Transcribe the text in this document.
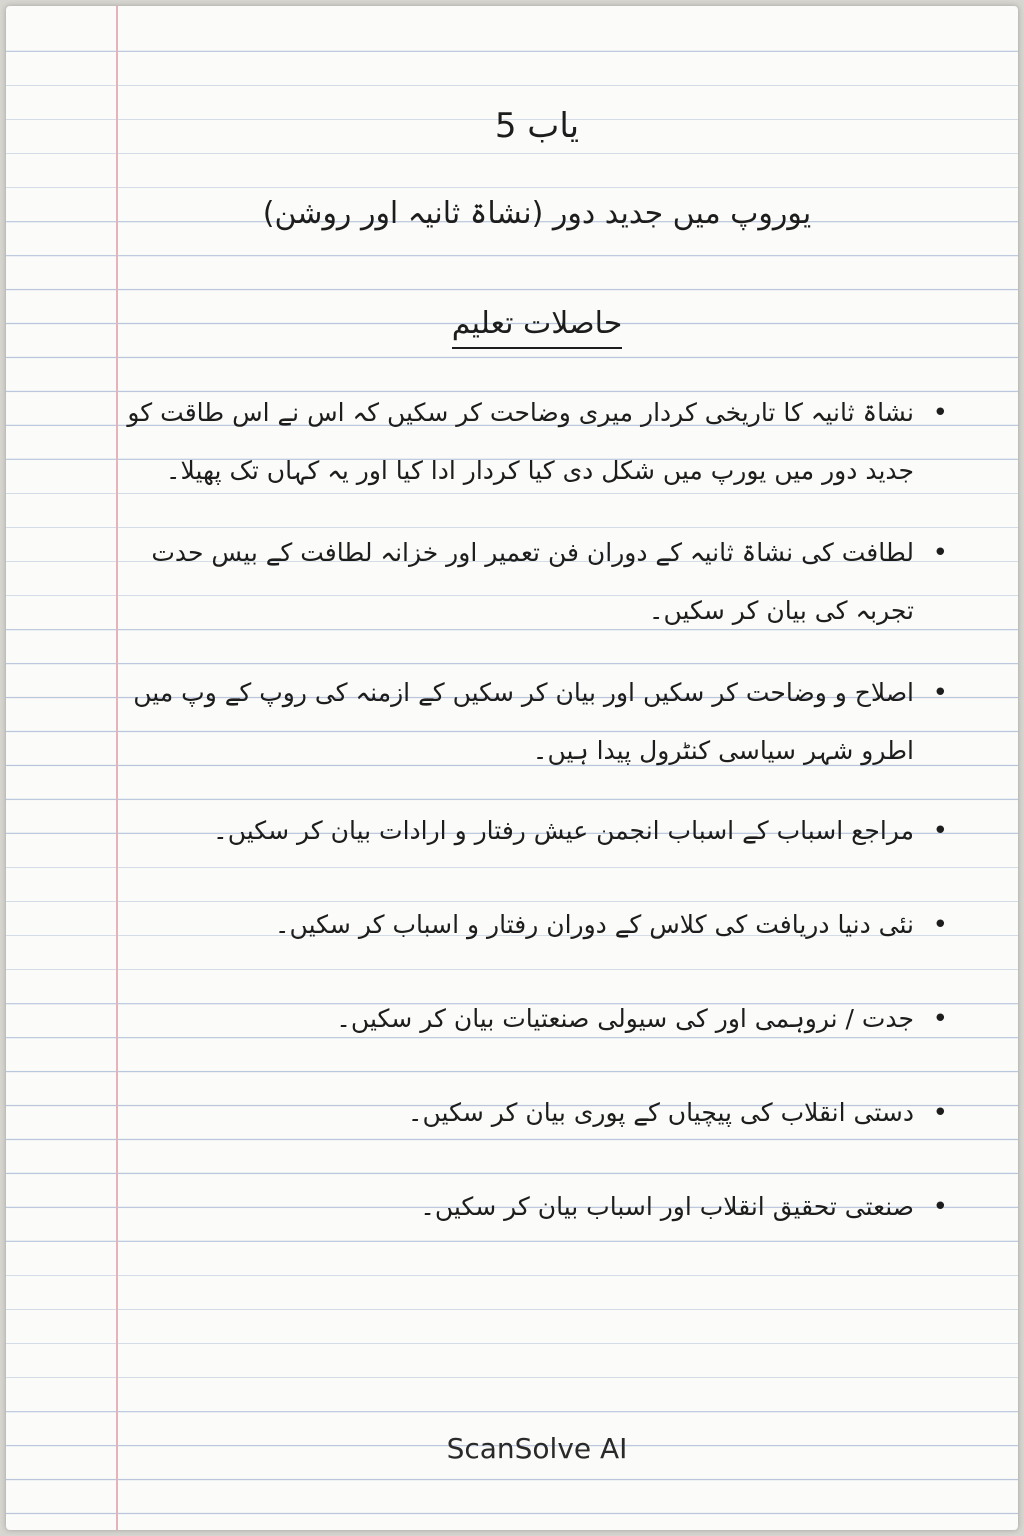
یاب 5
یوروپ میں جدید دور (نشاۃ ثانیہ اور روشن)
حاصلات تعلیم
• نشاۃ ثانیہ کا تاریخی کردار میری وضاحت کر سکیں کہ اس نے اس طاقت کو جدید دور میں یورپ میں شکل دی کیا کردار ادا کیا اور یہ کہاں تک پھیلا۔
• لطافت کی نشاۃ ثانیہ کے دوران فن تعمیر اور خزانہ لطافت کے بیس حدت تجربہ کی بیان کر سکیں۔
• اصلاح و وضاحت کر سکیں اور بیان کر سکیں کے ازمنہ کی روپ کے وپ میں اطرو شہر سیاسی کنٹرول پیدا ہیں۔
• مراجع اسباب کے اسباب انجمن عیش رفتار و ارادات بیان کر سکیں۔
• نئی دنیا دریافت کی کلاس کے دوران رفتار و اسباب کر سکیں۔
• جدت / نروہمی اور کی سیولی صنعتیات بیان کر سکیں۔
• دستی انقلاب کی پیچیاں کے پوری بیان کر سکیں۔
• صنعتی تحقیق انقلاب اور اسباب بیان کر سکیں۔
ScanSolve AI
